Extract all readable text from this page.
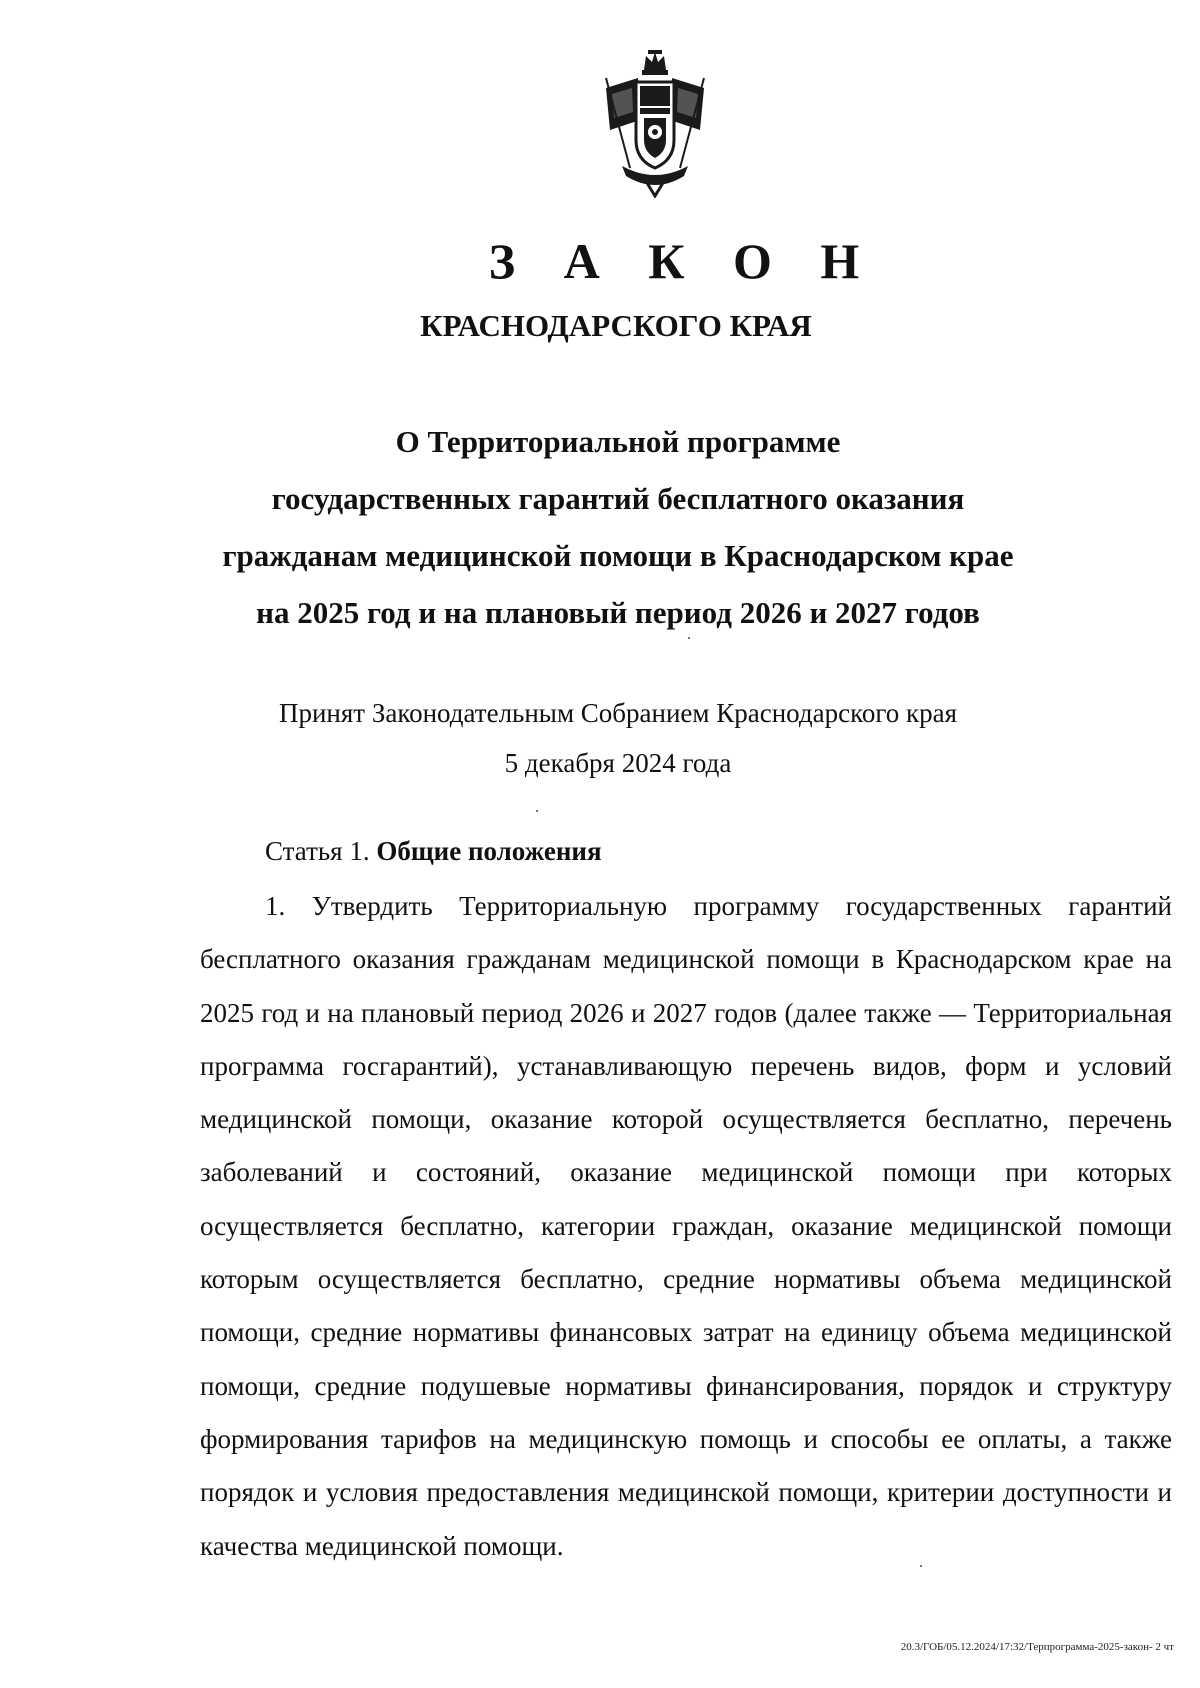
З А К О Н
КРАСНОДАРСКОГО КРАЯ
О Территориальной программе
государственных гарантий бесплатного оказания
гражданам медицинской помощи в Краснодарском крае
на 2025 год и на плановый период 2026 и 2027 годов
Принят Законодательным Собранием Краснодарского края
5 декабря 2024 года
Статья 1. Общие положения

1. Утвердить Территориальную программу государственных гарантий бесплатного оказания гражданам медицинской помощи в Краснодарском крае на 2025 год и на плановый период 2026 и 2027 годов (далее также — Территориальная программа госгарантий), устанавливающую перечень видов, форм и условий медицинской помощи, оказание которой осуществляется бесплатно, перечень заболеваний и состояний, оказание медицинской помощи при которых осуществляется бесплатно, категории граждан, оказание медицинской помощи которым осуществляется бесплатно, средние нормативы объема медицинской помощи, средние нормативы финансовых затрат на единицу объема медицинской помощи, средние подушевые нормативы финансирования, порядок и структуру формирования тарифов на медицинскую помощь и способы ее оплаты, а также порядок и условия предоставления медицинской помощи, критерии доступности и качества медицинской помощи.

20.3/ГОБ/05.12.2024/17:32/Терпрограмма-2025-закон- 2 чт
